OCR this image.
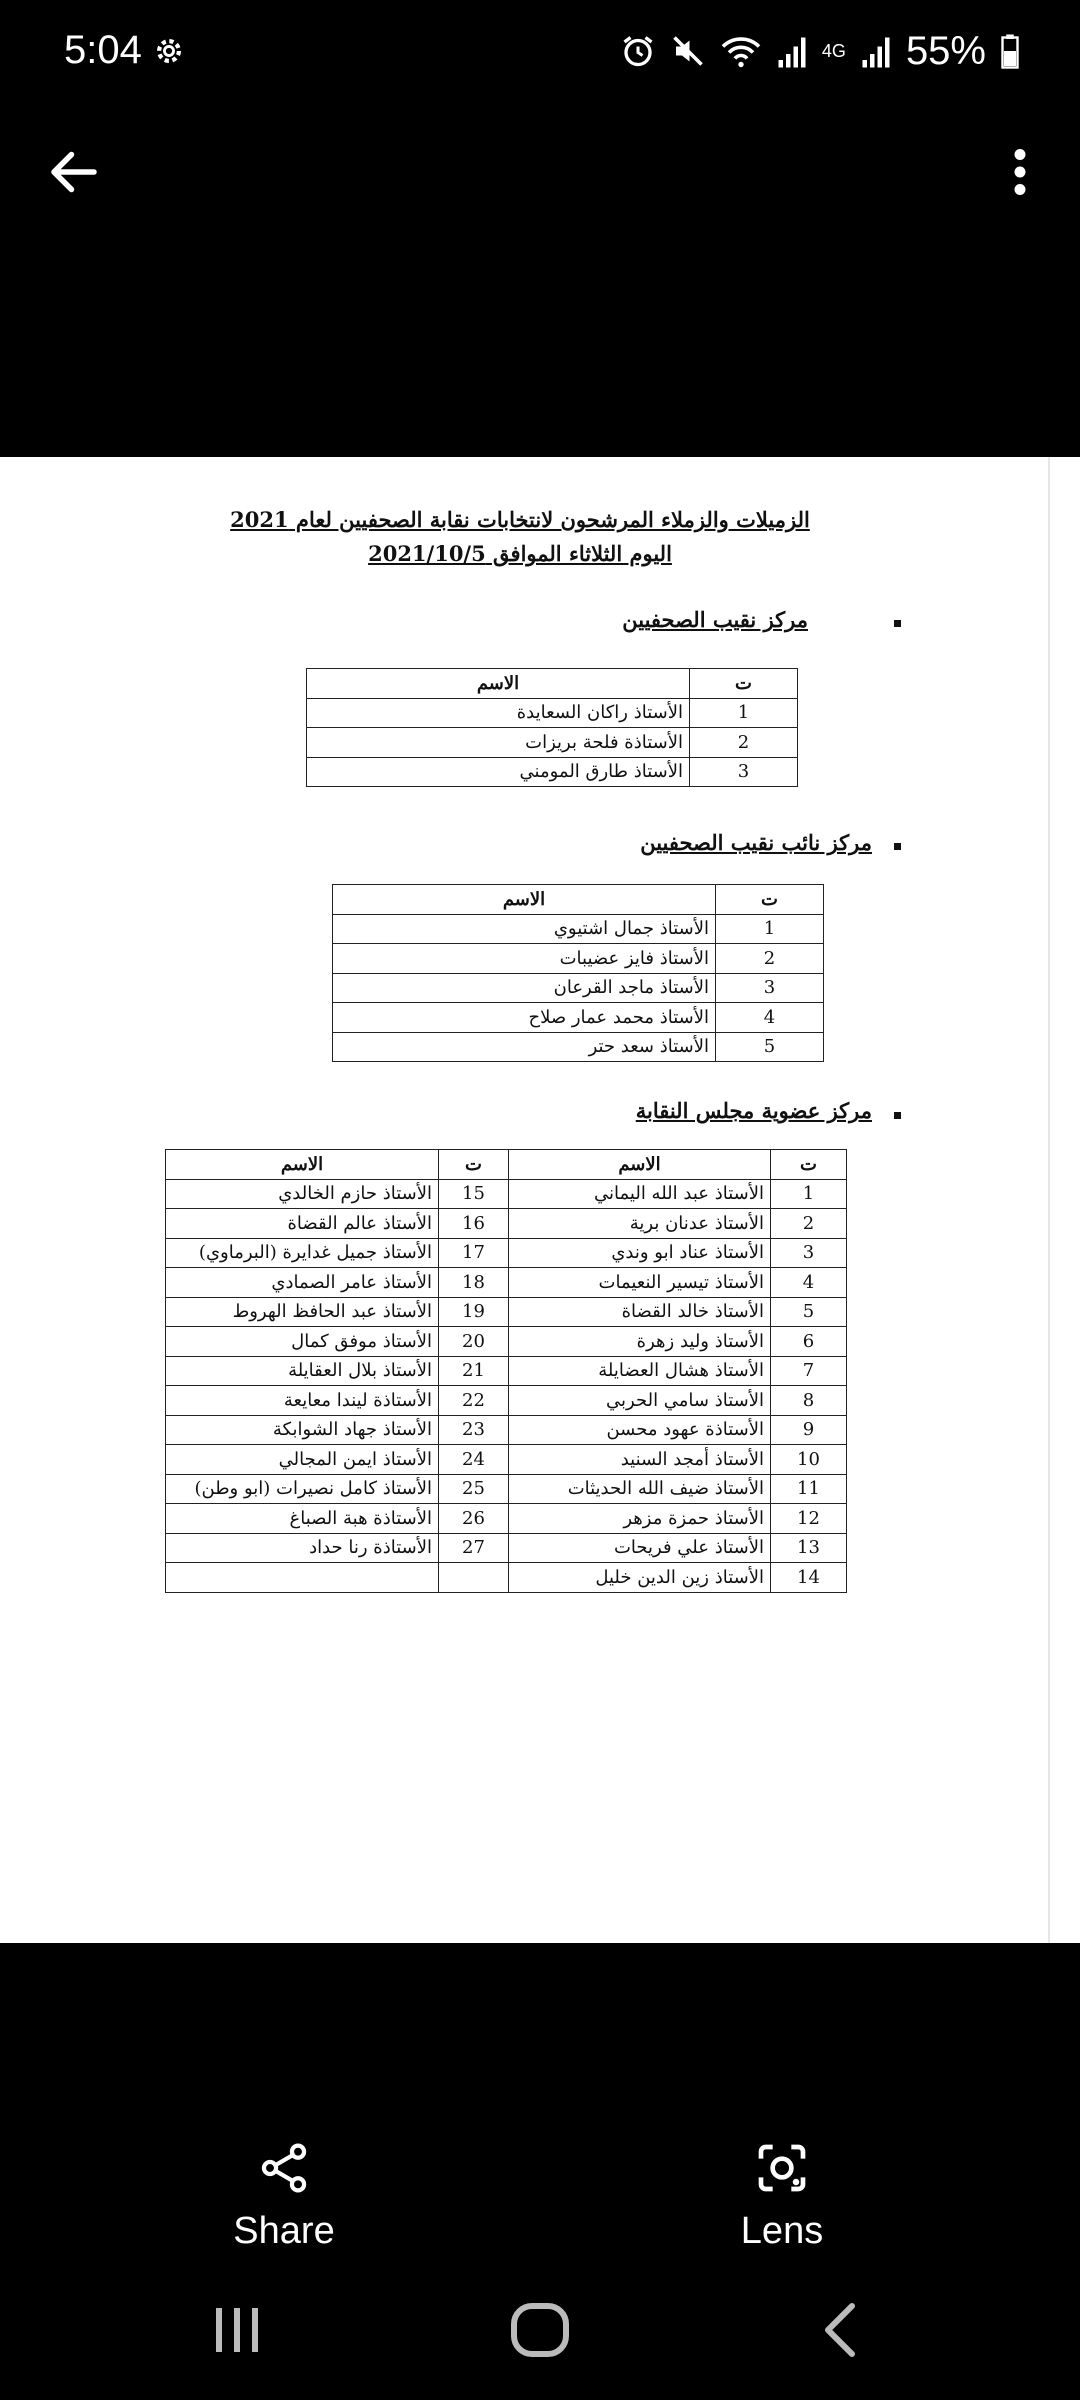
5:04	4G 55%
الزميلات والزملاء المرشحون لانتخابات نقابة الصحفيين لعام 2021
اليوم الثلاثاء الموافق 2021/10/5
مركز نقيب الصحفيين
ت	الاسم
1	الأستاذ راكان السعايدة
2	الأستاذة فلحة بريزات
3	الأستاذ طارق المومني
مركز نائب نقيب الصحفيين
ت	الاسم
1	الأستاذ جمال اشتيوي
2	الأستاذ فايز عضيبات
3	الأستاذ ماجد القرعان
4	الأستاذ محمد عمار صلاح
5	الأستاذ سعد حتر
مركز عضوية مجلس النقابة
ت	الاسم	ت	الاسم
1	الأستاذ عبد الله اليماني	15	الأستاذ حازم الخالدي
2	الأستاذ عدنان برية	16	الأستاذ عالم القضاة
3	الأستاذ عناد ابو وندي	17	الأستاذ جميل غدايرة (البرماوي)
4	الأستاذ تيسير النعيمات	18	الأستاذ عامر الصمادي
5	الأستاذ خالد القضاة	19	الأستاذ عبد الحافظ الهروط
6	الأستاذ وليد زهرة	20	الأستاذ موفق كمال
7	الأستاذ هشال العضايلة	21	الأستاذ بلال العقايلة
8	الأستاذ سامي الحربي	22	الأستاذة ليندا معايعة
9	الأستاذة عهود محسن	23	الأستاذ جهاد الشوابكة
10	الأستاذ أمجد السنيد	24	الأستاذ ايمن المجالي
11	الأستاذ ضيف الله الحديثات	25	الأستاذ كامل نصيرات (ابو وطن)
12	الأستاذ حمزة مزهر	26	الأستاذة هبة الصباغ
13	الأستاذ علي فريحات	27	الأستاذة رنا حداد
14	الأستاذ زين الدين خليل		
Share	Lens
